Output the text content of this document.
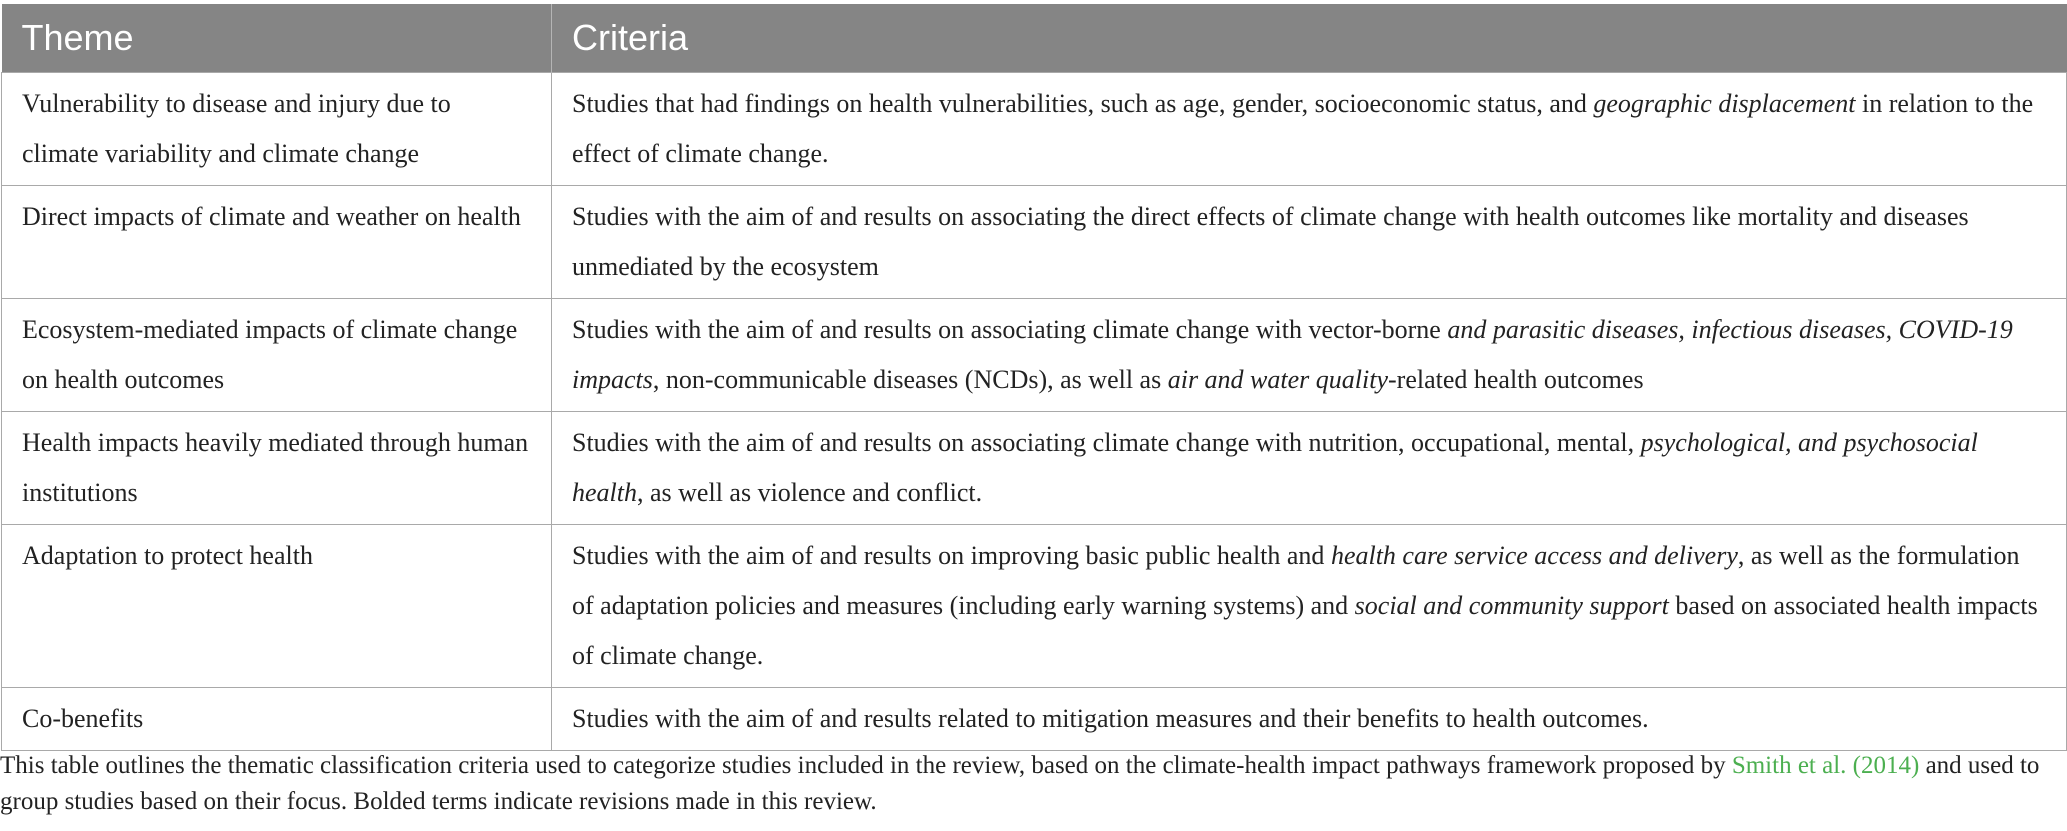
Theme	Criteria
Vulnerability to disease and injury due to climate variability and climate change	Studies that had findings on health vulnerabilities, such as age, gender, socioeconomic status, and geographic displacement in relation to the effect of climate change.
Direct impacts of climate and weather on health	Studies with the aim of and results on associating the direct effects of climate change with health outcomes like mortality and diseases unmediated by the ecosystem
Ecosystem-mediated impacts of climate change on health outcomes	Studies with the aim of and results on associating climate change with vector-borne and parasitic diseases, infectious diseases, COVID-19 impacts, non-communicable diseases (NCDs), as well as air and water quality-related health outcomes
Health impacts heavily mediated through human institutions	Studies with the aim of and results on associating climate change with nutrition, occupational, mental, psychological, and psychosocial health, as well as violence and conflict.
Adaptation to protect health	Studies with the aim of and results on improving basic public health and health care service access and delivery, as well as the formulation of adaptation policies and measures (including early warning systems) and social and community support based on associated health impacts of climate change.
Co-benefits	Studies with the aim of and results related to mitigation measures and their benefits to health outcomes.
This table outlines the thematic classification criteria used to categorize studies included in the review, based on the climate-health impact pathways framework proposed by Smith et al. (2014) and used to group studies based on their focus. Bolded terms indicate revisions made in this review.
